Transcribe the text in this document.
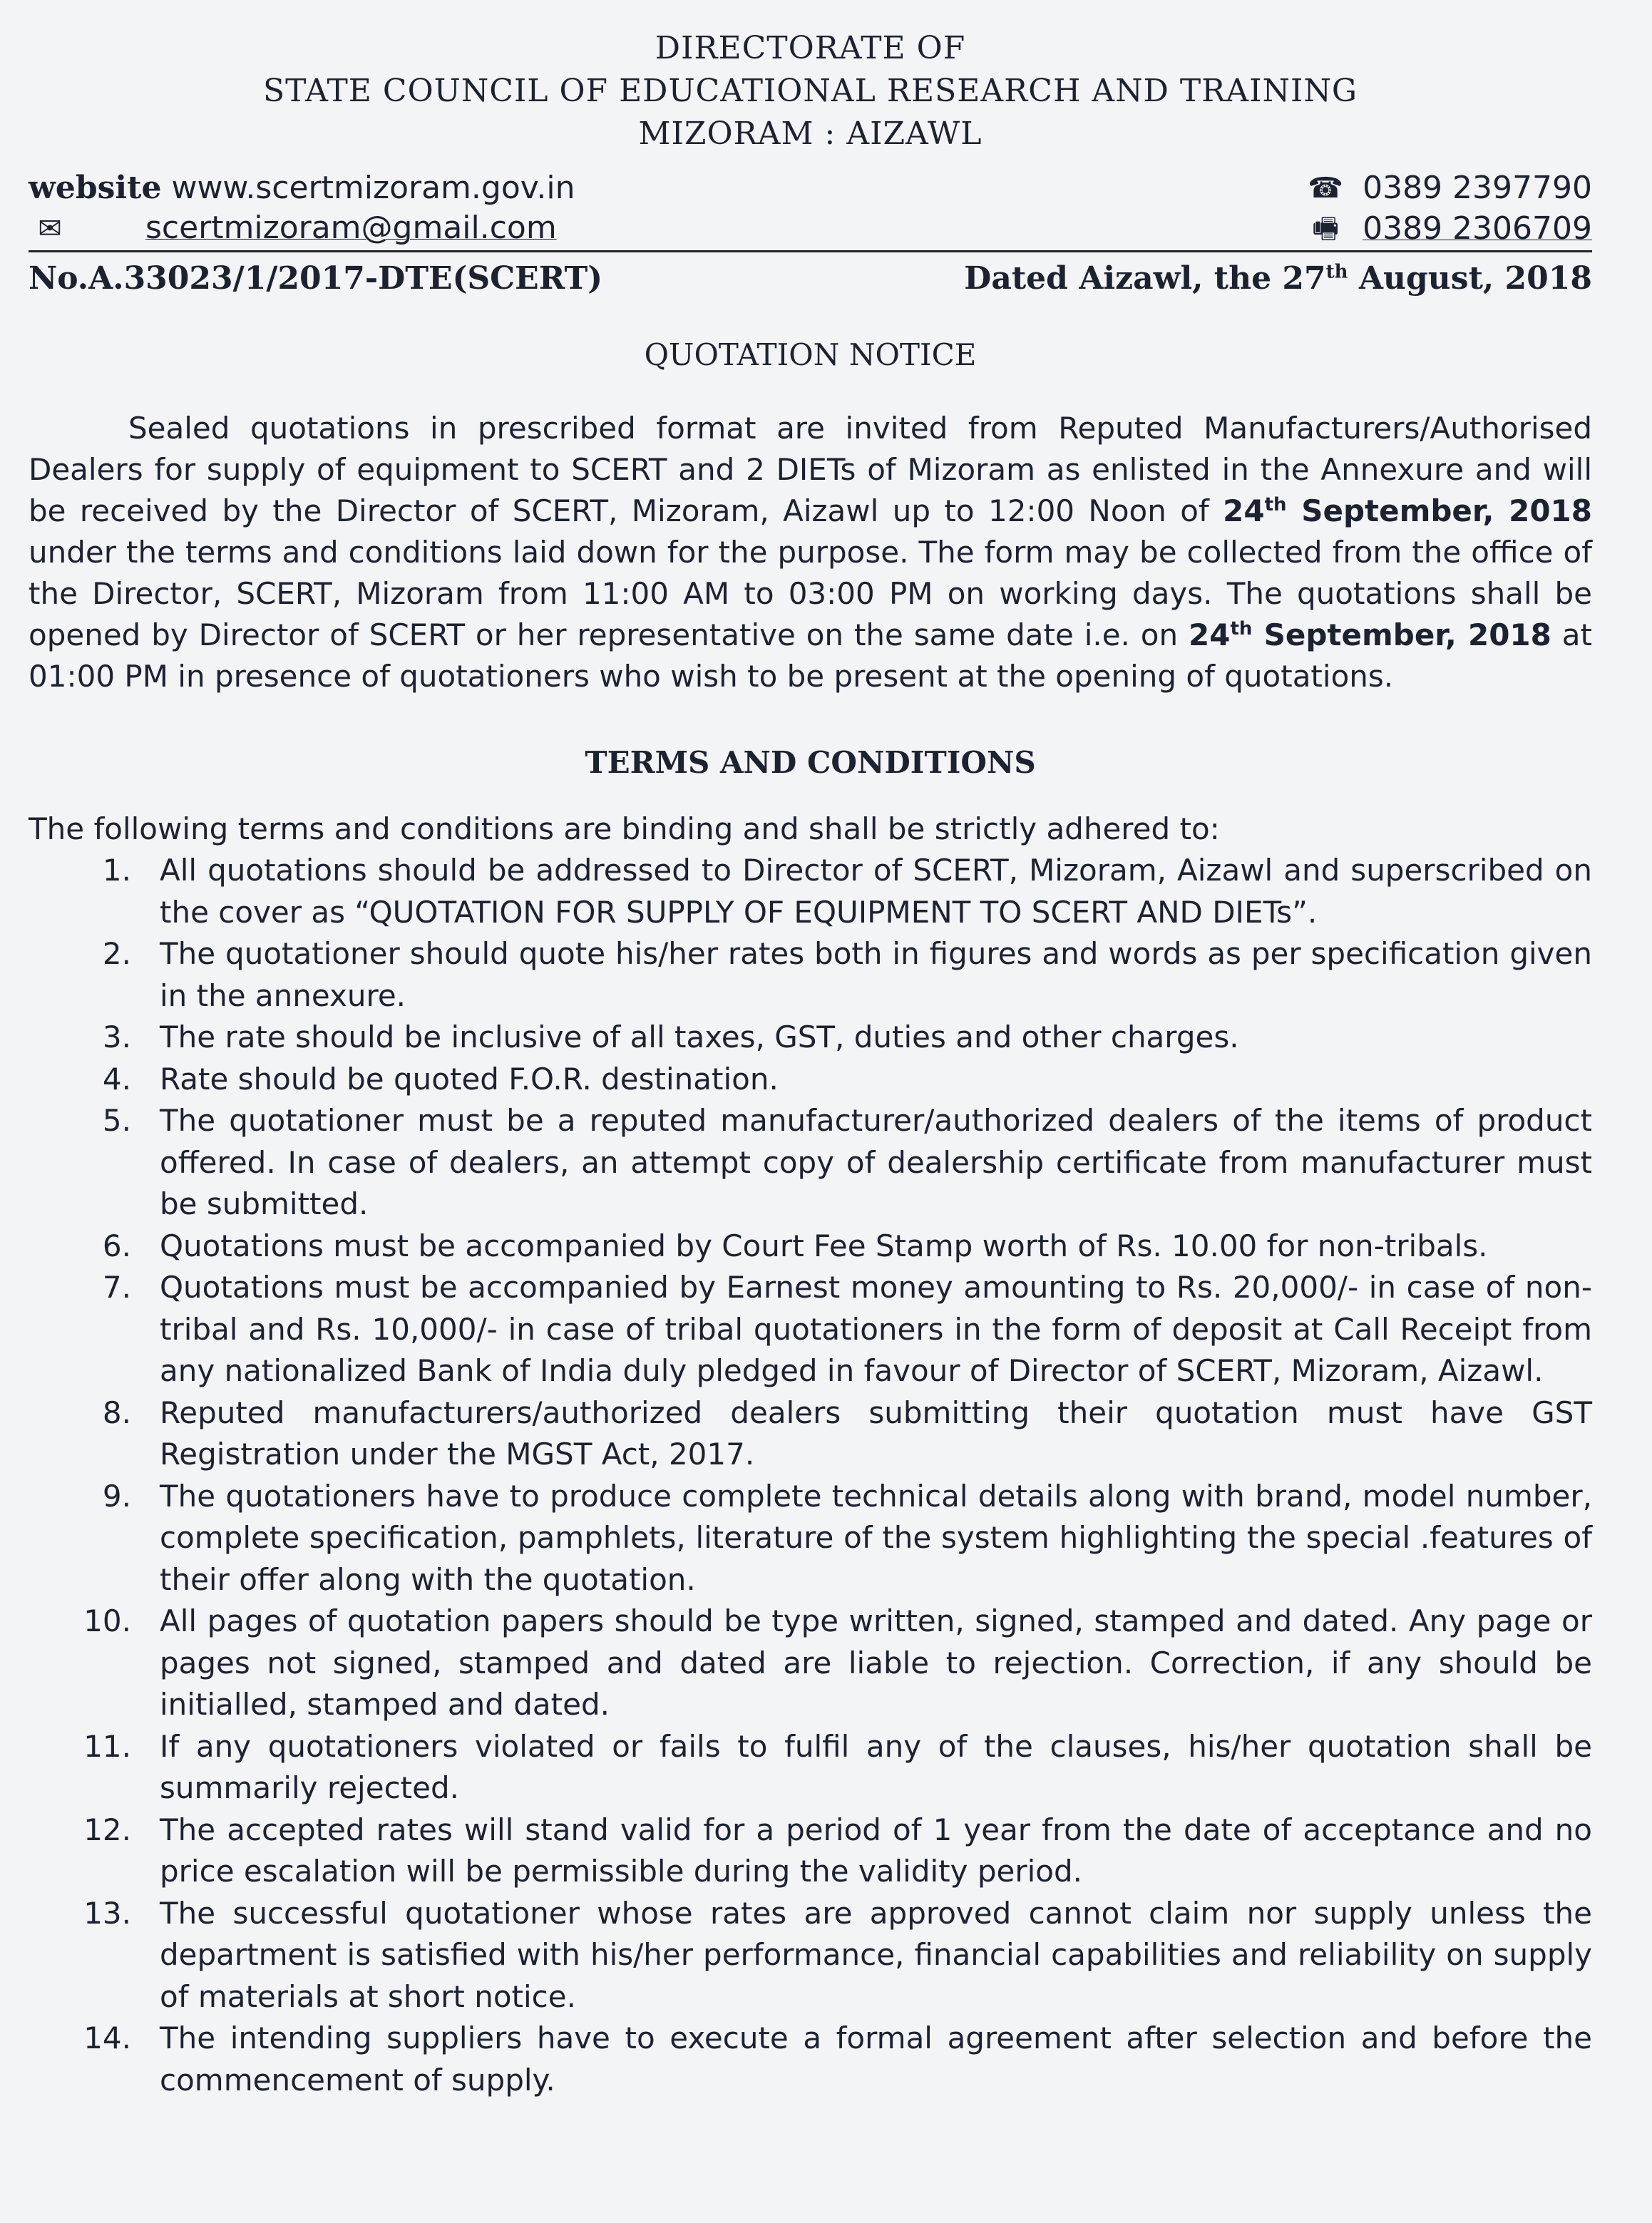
DIRECTORATE OF
STATE COUNCIL OF EDUCATIONAL RESEARCH AND TRAINING
MIZORAM : AIZAWL
website www.scertmizoram.gov.in	☎ 0389 2397790
✉	scertmizoram@gmail.com	🖷 0389 2306709
No.A.33023/1/2017-DTE(SCERT)	Dated Aizawl, the 27th August, 2018
QUOTATION NOTICE
Sealed quotations in prescribed format are invited from Reputed Manufacturers/Authorised Dealers for supply of equipment to SCERT and 2 DIETs of Mizoram as enlisted in the Annexure and will be received by the Director of SCERT, Mizoram, Aizawl up to 12:00 Noon of 24th September, 2018 under the terms and conditions laid down for the purpose. The form may be collected from the office of the Director, SCERT, Mizoram from 11:00 AM to 03:00 PM on working days. The quotations shall be opened by Director of SCERT or her representative on the same date i.e. on 24th September, 2018 at 01:00 PM in presence of quotationers who wish to be present at the opening of quotations.
TERMS AND CONDITIONS
The following terms and conditions are binding and shall be strictly adhered to:
1. All quotations should be addressed to Director of SCERT, Mizoram, Aizawl and superscribed on the cover as “QUOTATION FOR SUPPLY OF EQUIPMENT TO SCERT AND DIETs”.
2. The quotationer should quote his/her rates both in figures and words as per specification given in the annexure.
3. The rate should be inclusive of all taxes, GST, duties and other charges.
4. Rate should be quoted F.O.R. destination.
5. The quotationer must be a reputed manufacturer/authorized dealers of the items of product offered. In case of dealers, an attempt copy of dealership certificate from manufacturer must be submitted.
6. Quotations must be accompanied by Court Fee Stamp worth of Rs. 10.00 for non-tribals.
7. Quotations must be accompanied by Earnest money amounting to Rs. 20,000/- in case of non-tribal and Rs. 10,000/- in case of tribal quotationers in the form of deposit at Call Receipt from any nationalized Bank of India duly pledged in favour of Director of SCERT, Mizoram, Aizawl.
8. Reputed manufacturers/authorized dealers submitting their quotation must have GST Registration under the MGST Act, 2017.
9. The quotationers have to produce complete technical details along with brand, model number, complete specification, pamphlets, literature of the system highlighting the special .features of their offer along with the quotation.
10. All pages of quotation papers should be type written, signed, stamped and dated. Any page or pages not signed, stamped and dated are liable to rejection. Correction, if any should be initialled, stamped and dated.
11. If any quotationers violated or fails to fulfil any of the clauses, his/her quotation shall be summarily rejected.
12. The accepted rates will stand valid for a period of 1 year from the date of acceptance and no price escalation will be permissible during the validity period.
13. The successful quotationer whose rates are approved cannot claim nor supply unless the department is satisfied with his/her performance, financial capabilities and reliability on supply of materials at short notice.
14. The intending suppliers have to execute a formal agreement after selection and before the commencement of supply.
